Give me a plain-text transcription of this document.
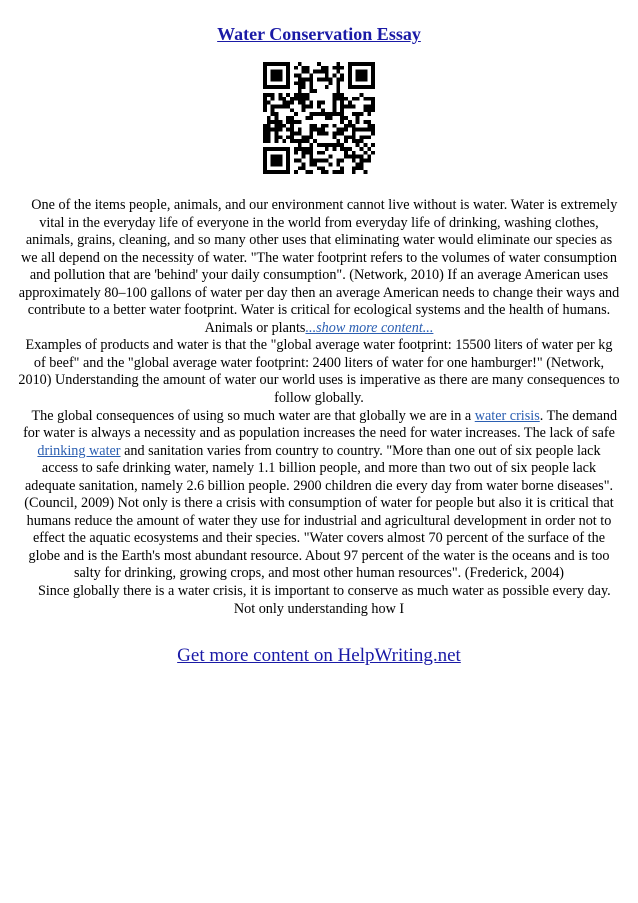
Water Conservation Essay

One of the items people, animals, and our environment cannot live without is water. Water is extremely vital in the everyday life of everyone in the world from everyday life of drinking, washing clothes, animals, grains, cleaning, and so many other uses that eliminating water would eliminate our species as we all depend on the necessity of water. "The water footprint refers to the volumes of water consumption and pollution that are 'behind' your daily consumption". (Network, 2010) If an average American uses approximately 80–100 gallons of water per day then an average American needs to change their ways and contribute to a better water footprint. Water is critical for ecological systems and the health of humans. Animals or plants...show more content...

Examples of products and water is that the "global average water footprint: 15500 liters of water per kg of beef" and the "global average water footprint: 2400 liters of water for one hamburger!" (Network, 2010) Understanding the amount of water our world uses is imperative as there are many consequences to follow globally.

The global consequences of using so much water are that globally we are in a water crisis. The demand for water is always a necessity and as population increases the need for water increases. The lack of safe drinking water and sanitation varies from country to country. "More than one out of six people lack access to safe drinking water, namely 1.1 billion people, and more than two out of six people lack adequate sanitation, namely 2.6 billion people. 2900 children die every day from water borne diseases". (Council, 2009) Not only is there a crisis with consumption of water for people but also it is critical that humans reduce the amount of water they use for industrial and agricultural development in order not to effect the aquatic ecosystems and their species. "Water covers almost 70 percent of the surface of the globe and is the Earth's most abundant resource. About 97 percent of the water is the oceans and is too salty for drinking, growing crops, and most other human resources". (Frederick, 2004)

Since globally there is a water crisis, it is important to conserve as much water as possible every day. Not only understanding how I

Get more content on HelpWriting.net
